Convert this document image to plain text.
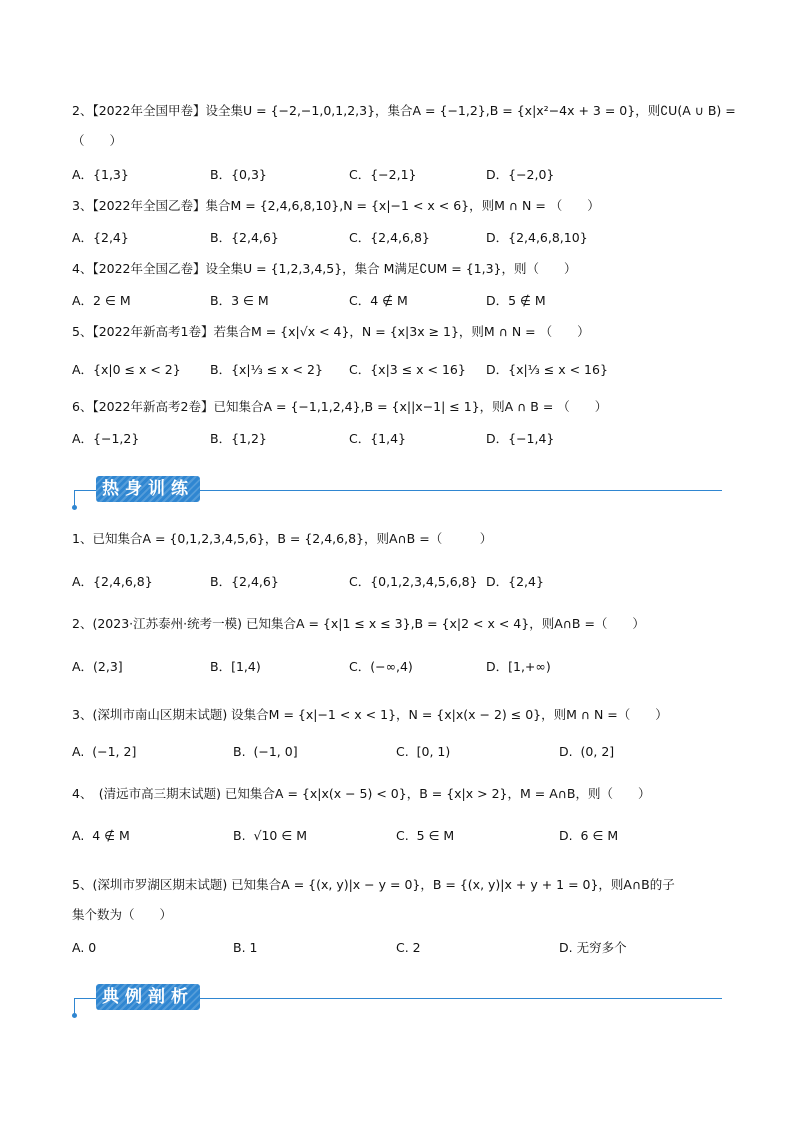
2、【2022年全国甲卷】设全集U = {−2,−1,0,1,2,3}，集合A = {−1,2},B = {x|x²−4x + 3 = 0}，则∁U(A ∪ B) =
（　　）
A．{1,3}	B．{0,3}	C．{−2,1}	D．{−2,0}
3、【2022年全国乙卷】集合M = {2,4,6,8,10},N = {x|−1 < x < 6}，则M ∩ N = （　　）
A．{2,4}	B．{2,4,6}	C．{2,4,6,8}	D．{2,4,6,8,10}
4、【2022年全国乙卷】设全集U = {1,2,3,4,5}，集合 M满足∁UM = {1,3}，则（　　）
A．2 ∈ M	B．3 ∈ M	C．4 ∉ M	D．5 ∉ M
5、【2022年新高考1卷】若集合M = {x|√x < 4}，N = {x|3x ≥ 1}，则M ∩ N = （　　）
A．{x|0 ≤ x < 2} B．{x|⅓ ≤ x < 2} C．{x|3 ≤ x < 16} D．{x|⅓ ≤ x < 16}
6、【2022年新高考2卷】已知集合A = {−1,1,2,4},B = {x||x−1| ≤ 1}，则A ∩ B = （　　）
A．{−1,2}	B．{1,2}	C．{1,4}	D．{−1,4}
热身训练
1、已知集合A = {0,1,2,3,4,5,6}，B = {2,4,6,8}，则A∩B =（　　　）
A．{2,4,6,8}	B．{2,4,6}	C．{0,1,2,3,4,5,6,8} D．{2,4}
2、(2023·江苏泰州·统考一模) 已知集合A = {x|1 ≤ x ≤ 3},B = {x|2 < x < 4}，则A∩B =（　　）
A．(2,3]	B．[1,4)	C．(−∞,4)	D．[1,+∞)
3、(深圳市南山区期末试题) 设集合M = {x|−1 < x < 1}，N = {x|x(x − 2) ≤ 0}，则M ∩ N =（　　）
A.  (−1, 2]	B.  (−1, 0]	C.  [0, 1)	D.  (0, 2]
4、　(清远市高三期末试题) 已知集合A = {x|x(x − 5) < 0}，B = {x|x > 2}，M = A∩B，则（　　）
A.  4 ∉ M	B.  √10 ∈ M	C.  5 ∈ M	D.  6 ∈ M
5、(深圳市罗湖区期末试题) 已知集合A = {(x, y)|x − y = 0}，B = {(x, y)|x + y + 1 = 0}，则A∩B的子
集个数为（　　）
A. 0	B. 1	C. 2	D. 无穷多个
典例剖析
